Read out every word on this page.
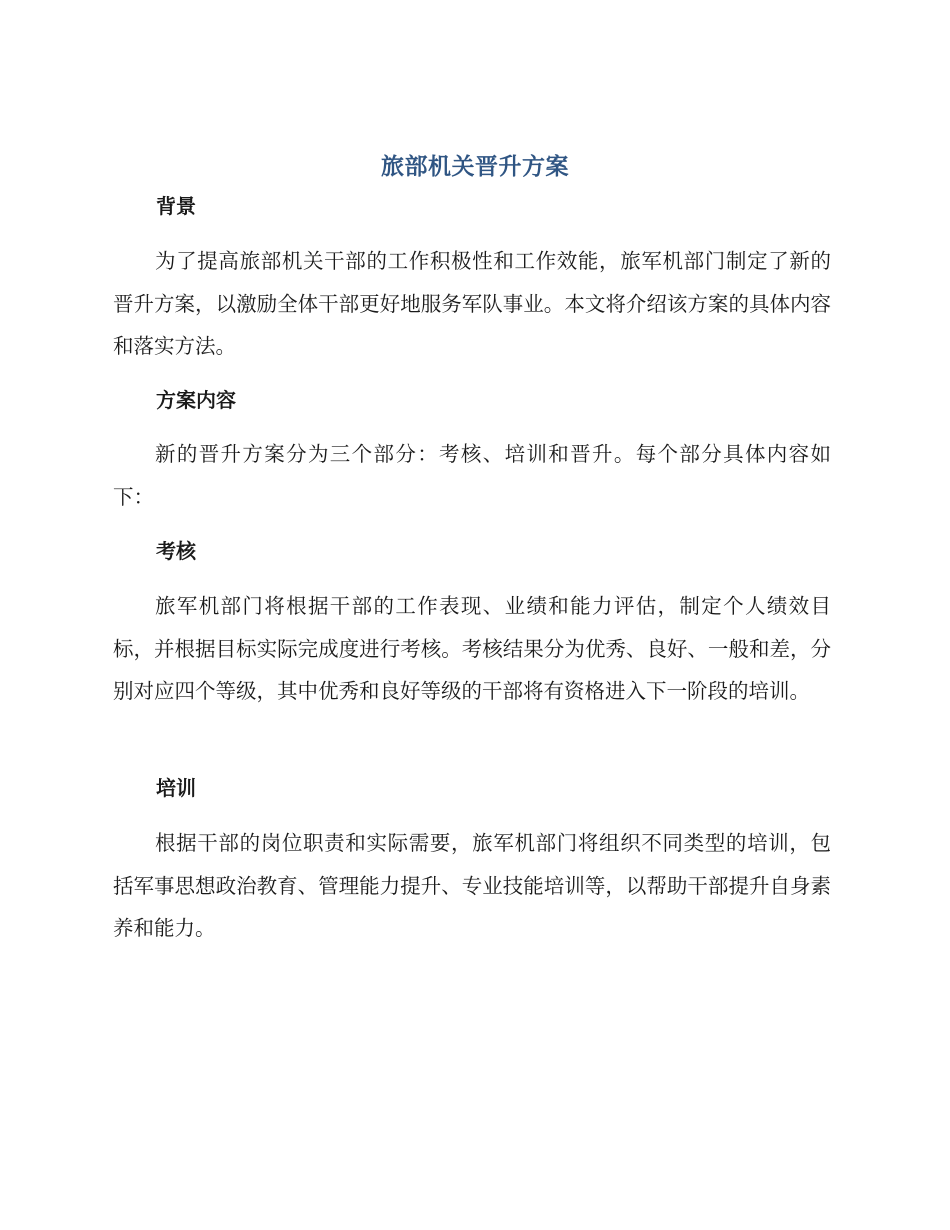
旅部机关晋升方案
背景

为了提高旅部机关干部的工作积极性和工作效能，旅军机部门制定了新的晋升方案，以激励全体干部更好地服务军队事业。本文将介绍该方案的具体内容和落实方法。

方案内容

新的晋升方案分为三个部分：考核、培训和晋升。每个部分具体内容如下：

考核

旅军机部门将根据干部的工作表现、业绩和能力评估，制定个人绩效目标，并根据目标实际完成度进行考核。考核结果分为优秀、良好、一般和差，分别对应四个等级，其中优秀和良好等级的干部将有资格进入下一阶段的培训。

培训

根据干部的岗位职责和实际需要，旅军机部门将组织不同类型的培训，包括军事思想政治教育、管理能力提升、专业技能培训等，以帮助干部提升自身素养和能力。
